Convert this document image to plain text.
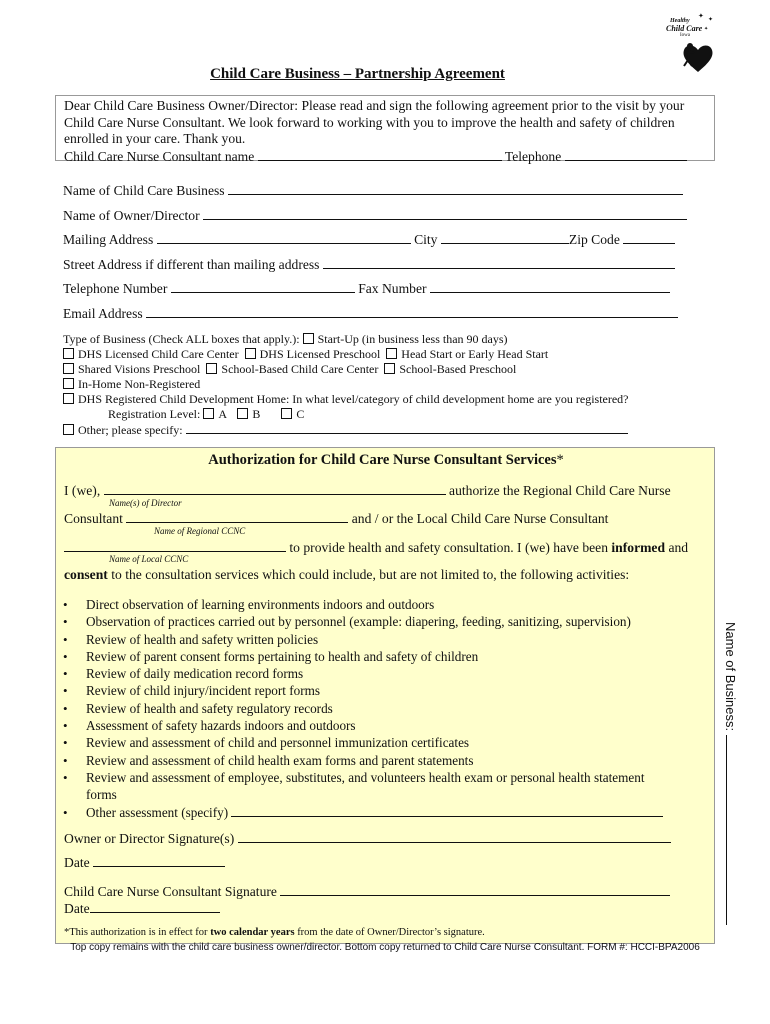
Healthy
Child Care
Iowa
✦ ✦
✦
Child Care Business – Partnership Agreement
Dear Child Care Business Owner/Director: Please read and sign the following agreement prior to the visit by your
Child Care Nurse Consultant. We look forward to working with you to improve the health and safety of children
enrolled in your care. Thank you.
Child Care Nurse Consultant name	Telephone
Name of Child Care Business
Name of Owner/Director
Mailing Address	City	Zip Code
Street Address if different than mailing address
Telephone Number	Fax Number
Email Address
Type of Business (Check ALL boxes that apply.): Start-Up (in business less than 90 days)
DHS Licensed Child Care Center DHS Licensed Preschool Head Start or Early Head Start
Shared Visions Preschool School-Based Child Care Center School-Based Preschool
In-Home Non-Registered
DHS Registered Child Development Home: In what level/category of child development home are you registered?
Registration Level: A B	C
Other; please specify:
Authorization for Child Care Nurse Consultant Services*
I (we),	authorize the Regional Child Care Nurse
Name(s) of Director
Consultant	and / or the Local Child Care Nurse Consultant
Name of Regional CCNC
to provide health and safety consultation. I (we) have been informed and
Name of Local CCNC
consent to the consultation services which could include, but are not limited to, the following activities:
• Direct observation of learning environments indoors and outdoors
• Observation of practices carried out by personnel (example: diapering, feeding, sanitizing, supervision)
• Review of health and safety written policies
• Review of parent consent forms pertaining to health and safety of children
• Review of daily medication record forms
• Review of child injury/incident report forms
• Review of health and safety regulatory records
• Assessment of safety hazards indoors and outdoors
• Review and assessment of child and personnel immunization certificates
• Review and assessment of child health exam forms and parent statements
• Review and assessment of employee, substitutes, and volunteers health exam or personal health statement forms
• Other assessment (specify)
Owner or Director Signature(s)
Date
Child Care Nurse Consultant Signature
Date
*This authorization is in effect for two calendar years from the date of Owner/Director’s signature.
Name of Business:
Top copy remains with the child care business owner/director. Bottom copy returned to Child Care Nurse Consultant. FORM #: HCCI-BPA2006
